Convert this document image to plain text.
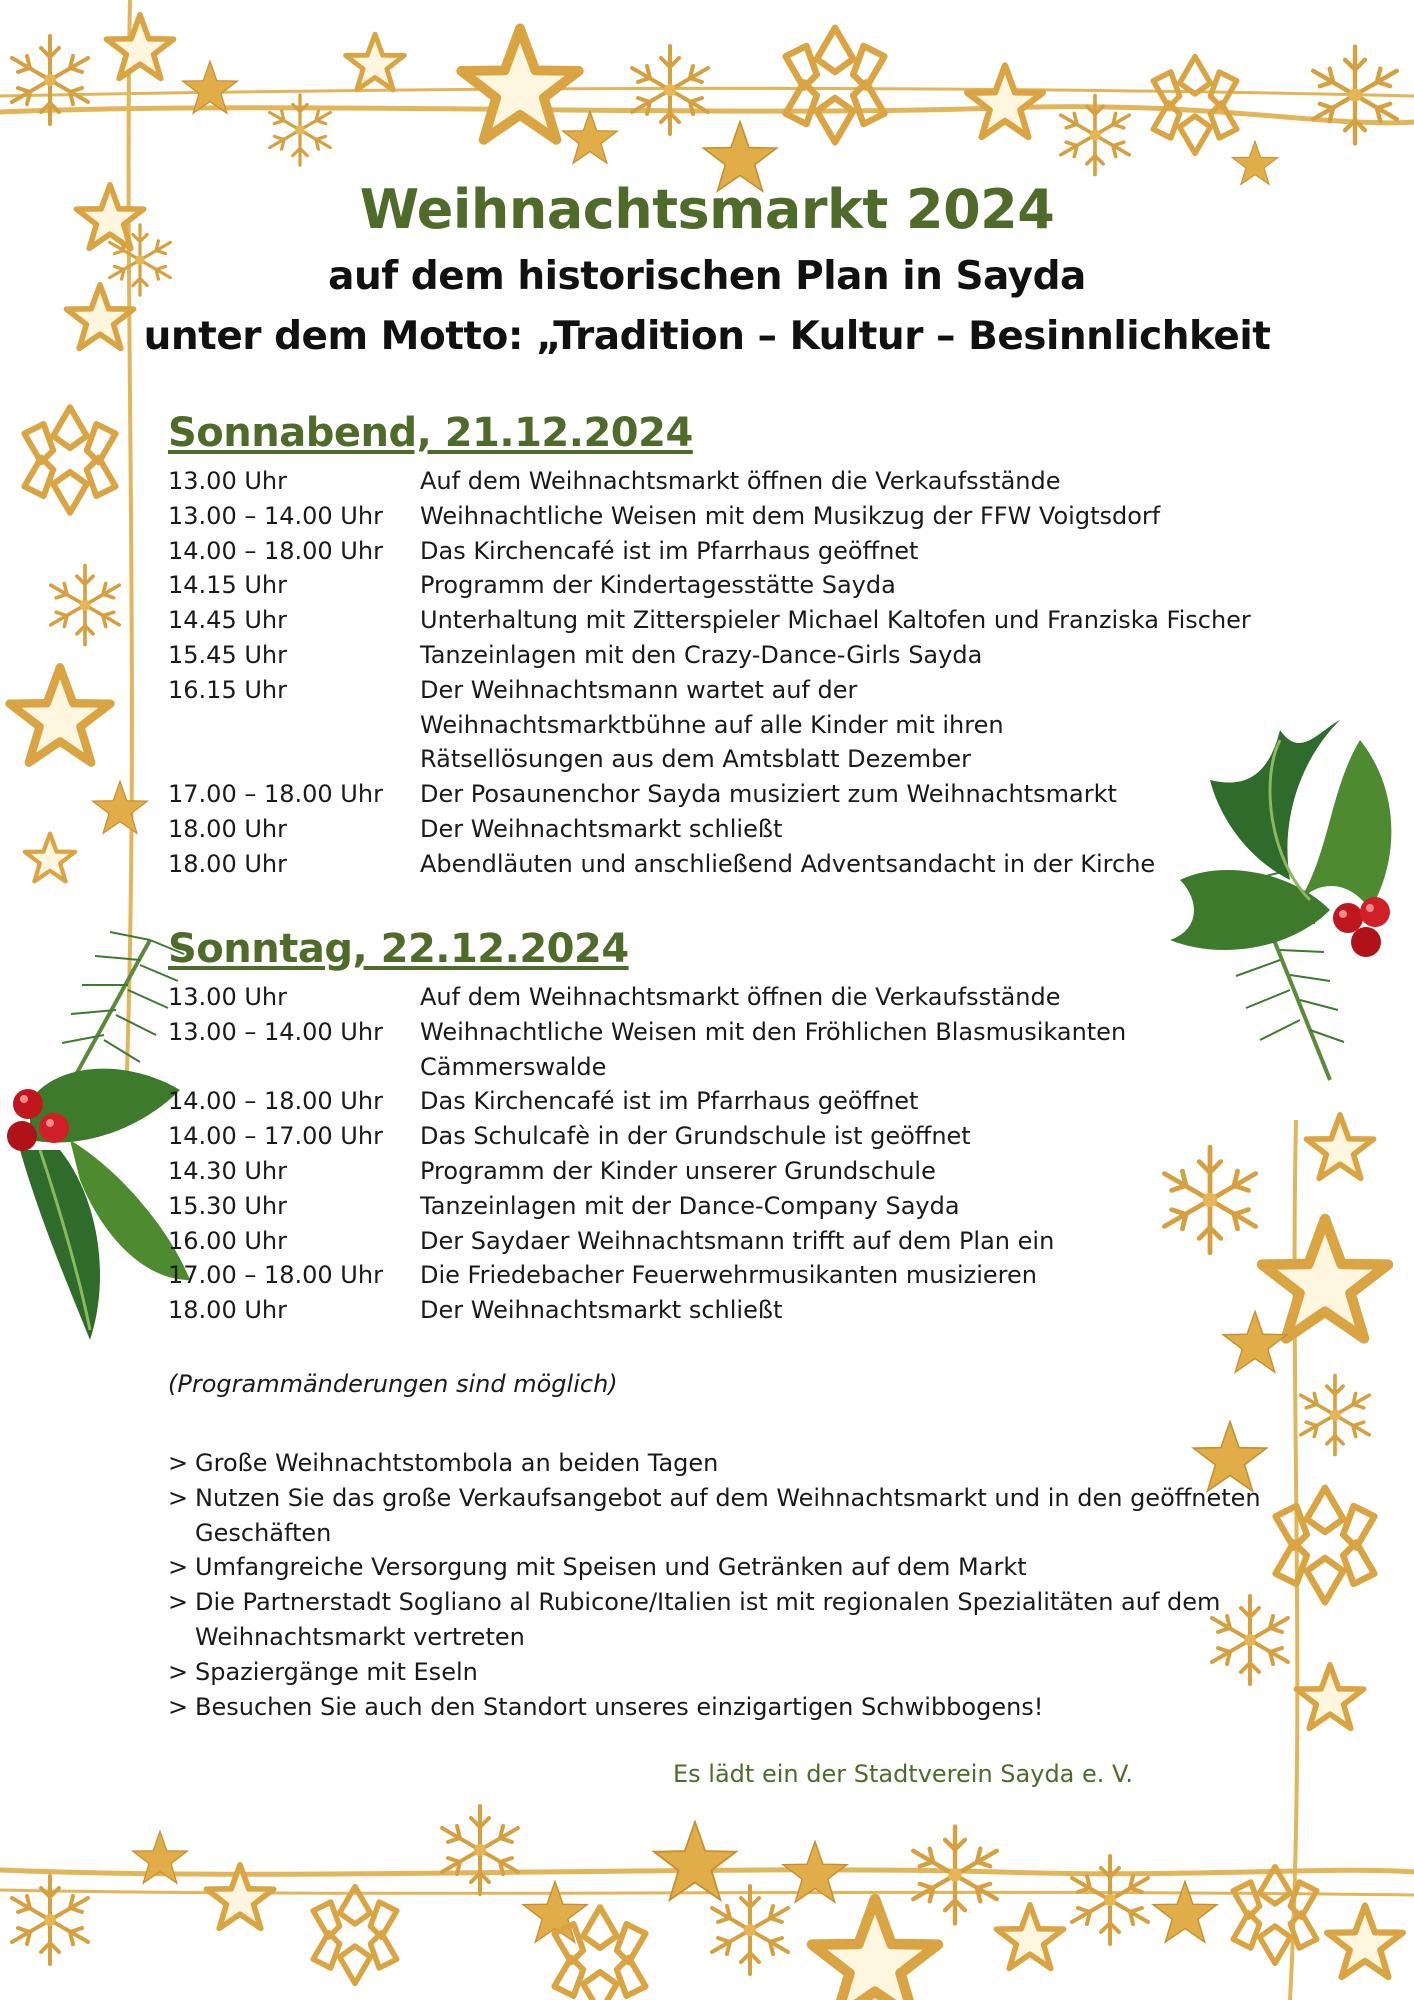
Weihnachtsmarkt 2024
auf dem historischen Plan in Sayda
unter dem Motto: „Tradition – Kultur – Besinnlichkeit
Sonnabend, 21.12.2024
13.00 Uhr	Auf dem Weihnachtsmarkt öffnen die Verkaufsstände
13.00 – 14.00 Uhr	Weihnachtliche Weisen mit dem Musikzug der FFW Voigtsdorf
14.00 – 18.00 Uhr	Das Kirchencafé ist im Pfarrhaus geöffnet
14.15 Uhr	Programm der Kindertagesstätte Sayda
14.45 Uhr	Unterhaltung mit Zitterspieler Michael Kaltofen und Franziska Fischer
15.45 Uhr	Tanzeinlagen mit den Crazy-Dance-Girls Sayda
16.15 Uhr	Der Weihnachtsmann wartet auf der
Weihnachtsmarktbühne auf alle Kinder mit ihren
Rätsellösungen aus dem Amtsblatt Dezember
17.00 – 18.00 Uhr	Der Posaunenchor Sayda musiziert zum Weihnachtsmarkt
18.00 Uhr	Der Weihnachtsmarkt schließt
18.00 Uhr	Abendläuten und anschließend Adventsandacht in der Kirche
Sonntag, 22.12.2024
13.00 Uhr	Auf dem Weihnachtsmarkt öffnen die Verkaufsstände
13.00 – 14.00 Uhr	Weihnachtliche Weisen mit den Fröhlichen Blasmusikanten
Cämmerswalde
14.00 – 18.00 Uhr	Das Kirchencafé ist im Pfarrhaus geöffnet
14.00 – 17.00 Uhr	Das Schulcafè in der Grundschule ist geöffnet
14.30 Uhr	Programm der Kinder unserer Grundschule
15.30 Uhr	Tanzeinlagen mit der Dance-Company Sayda
16.00 Uhr	Der Saydaer Weihnachtsmann trifft auf dem Plan ein
17.00 – 18.00 Uhr	Die Friedebacher Feuerwehrmusikanten musizieren
18.00 Uhr	Der Weihnachtsmarkt schließt
(Programmänderungen sind möglich)
> Große Weihnachtstombola an beiden Tagen
> Nutzen Sie das große Verkaufsangebot auf dem Weihnachtsmarkt und in den geöffneten
Geschäften
> Umfangreiche Versorgung mit Speisen und Getränken auf dem Markt
> Die Partnerstadt Sogliano al Rubicone/Italien ist mit regionalen Spezialitäten auf dem
Weihnachtsmarkt vertreten
> Spaziergänge mit Eseln
> Besuchen Sie auch den Standort unseres einzigartigen Schwibbogens!
Es lädt ein der Stadtverein Sayda e. V.
